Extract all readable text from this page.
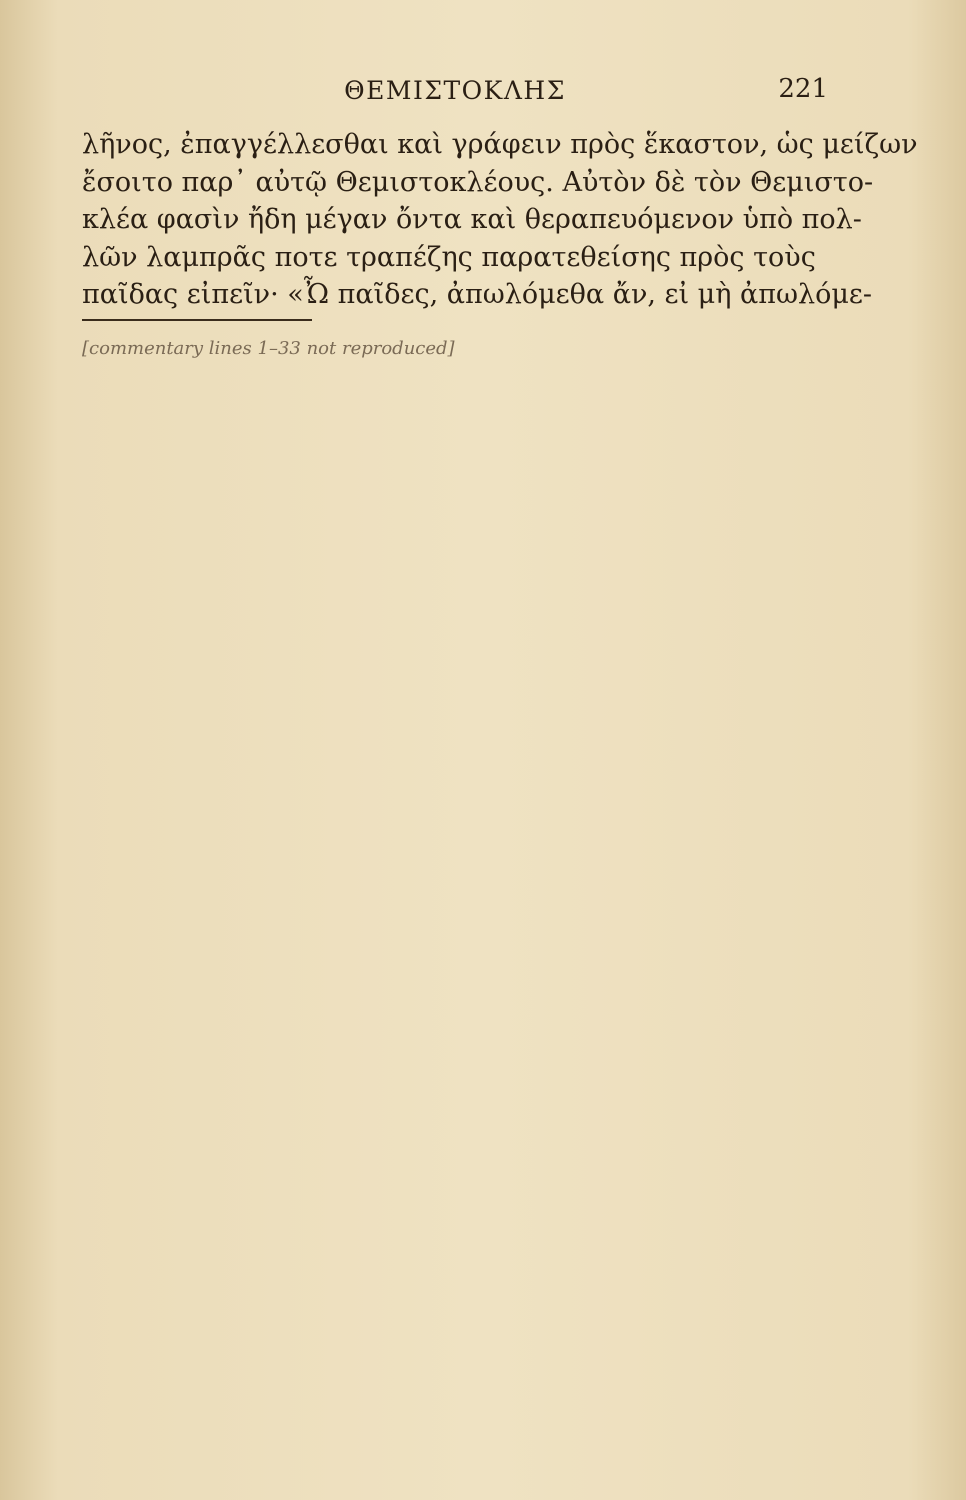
ΘΕΜΙΣΤΟΚΛΗΣ	221
λῆνος, ἐπαγγέλλεσθαι καὶ γράφειν πρὸς ἕκαστον, ὡς μείζων
ἔσοιτο παρ᾽ αὐτῷ Θεμιστοκλέους. Αὐτὸν δὲ τὸν Θεμιστο-
κλέα φασὶν ἤδη μέγαν ὄντα καὶ θεραπευόμενον ὑπὸ πολ-
λῶν λαμπρᾶς ποτε τραπέζης παρατεθείσης πρὸς τοὺς
παῖδας εἰπεῖν· «Ὦ παῖδες, ἀπωλόμεθα ἄν, εἰ μὴ ἀπωλόμε-
[commentary lines 1–33 not reproduced]
